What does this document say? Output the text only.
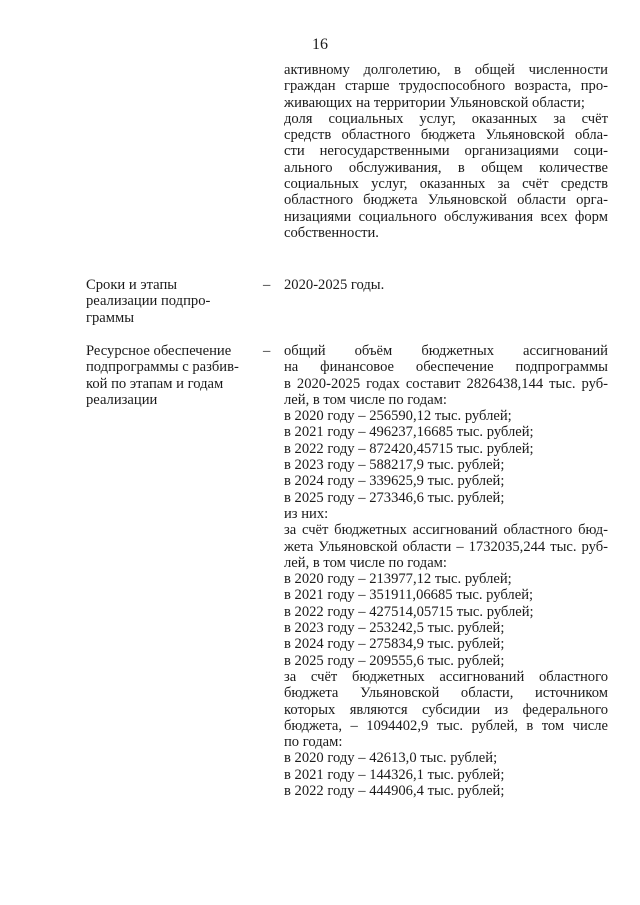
16
активному долголетию, в общей численности
граждан старше трудоспособного возраста, про-
живающих на территории Ульяновской области;
доля социальных услуг, оказанных за счёт
средств областного бюджета Ульяновской обла-
сти негосударственными организациями соци-
ального обслуживания, в общем количестве
социальных услуг, оказанных за счёт средств
областного бюджета Ульяновской области орга-
низациями социального обслуживания всех форм
собственности.
Сроки и этапы
реализации подпро-
граммы
– 2020-2025 годы.
Ресурсное обеспечение
подпрограммы с разбив-
кой по этапам и годам
реализации
– общий объём бюджетных ассигнований
на финансовое обеспечение подпрограммы
в 2020-2025 годах составит 2826438,144 тыс. руб-
лей, в том числе по годам:
в 2020 году – 256590,12 тыс. рублей;
в 2021 году – 496237,16685 тыс. рублей;
в 2022 году – 872420,45715 тыс. рублей;
в 2023 году – 588217,9 тыс. рублей;
в 2024 году – 339625,9 тыс. рублей;
в 2025 году – 273346,6 тыс. рублей;
из них:
за счёт бюджетных ассигнований областного бюд-
жета Ульяновской области – 1732035,244 тыс. руб-
лей, в том числе по годам:
в 2020 году – 213977,12 тыс. рублей;
в 2021 году – 351911,06685 тыс. рублей;
в 2022 году – 427514,05715 тыс. рублей;
в 2023 году – 253242,5 тыс. рублей;
в 2024 году – 275834,9 тыс. рублей;
в 2025 году – 209555,6 тыс. рублей;
за счёт бюджетных ассигнований областного
бюджета Ульяновской области, источником
которых являются субсидии из федерального
бюджета, – 1094402,9 тыс. рублей, в том числе
по годам:
в 2020 году – 42613,0 тыс. рублей;
в 2021 году – 144326,1 тыс. рублей;
в 2022 году – 444906,4 тыс. рублей;
